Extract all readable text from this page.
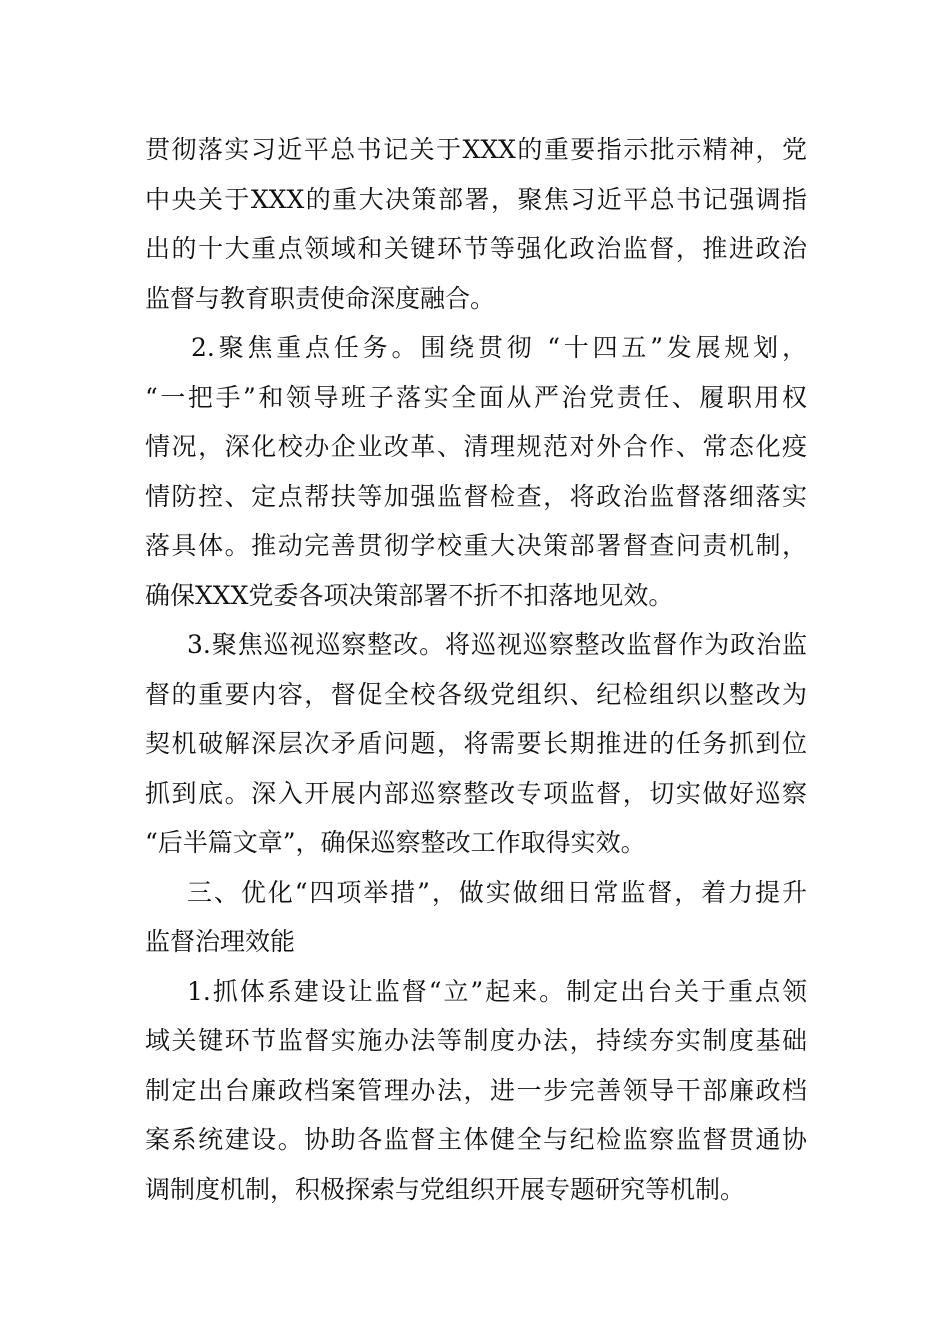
贯彻落实习近平总书记关于XXX的重要指示批示精神，党
中央关于XXX的重大决策部署，聚焦习近平总书记强调指
出的十大重点领域和关键环节等强化政治监督，推进政治
监督与教育职责使命深度融合。
2.聚焦重点任务。围绕贯彻 “十四五”发展规划，
“一把手”和领导班子落实全面从严治党责任、履职用权
情况，深化校办企业改革、清理规范对外合作、常态化疫
情防控、定点帮扶等加强监督检查，将政治监督落细落实
落具体。推动完善贯彻学校重大决策部署督查问责机制，
确保XXX党委各项决策部署不折不扣落地见效。
3.聚焦巡视巡察整改。将巡视巡察整改监督作为政治监
督的重要内容，督促全校各级党组织、纪检组织以整改为
契机破解深层次矛盾问题，将需要长期推进的任务抓到位
抓到底。深入开展内部巡察整改专项监督，切实做好巡察
“后半篇文章”，确保巡察整改工作取得实效。
三、优化“四项举措”，做实做细日常监督，着力提升
监督治理效能
1.抓体系建设让监督“立”起来。制定出台关于重点领
域关键环节监督实施办法等制度办法，持续夯实制度基础
制定出台廉政档案管理办法，进一步完善领导干部廉政档
案系统建设。协助各监督主体健全与纪检监察监督贯通协
调制度机制，积极探索与党组织开展专题研究等机制。
